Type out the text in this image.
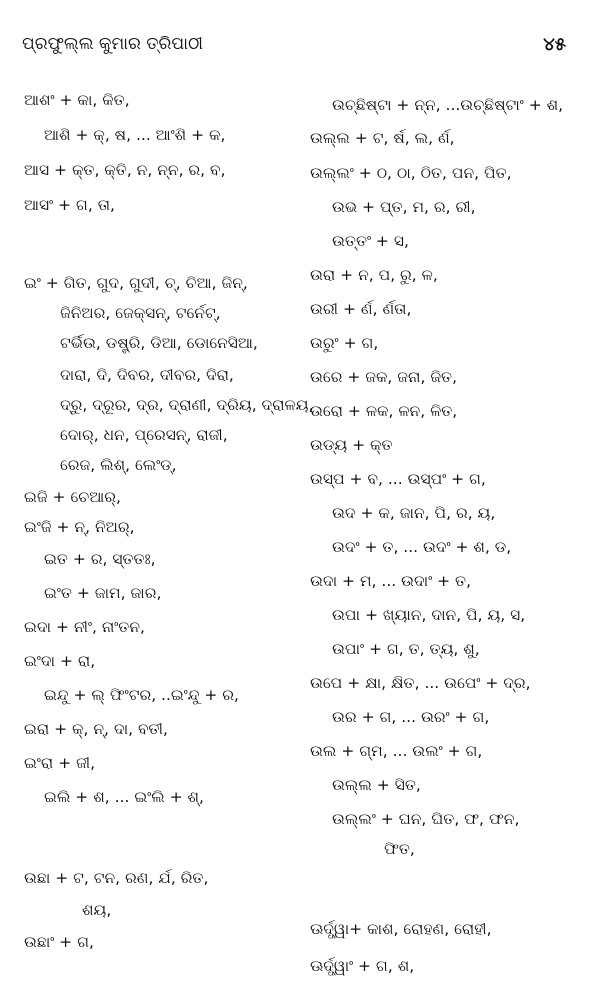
ପ୍ରଫୁଲ୍ଲ କୁମାର ତ୍ରିପାଠୀ	୪୫
ଆଶଂ + କା, କିତ,
ଆଶି + କ୍, ଷ, ... ଆଂଶି + କ,
ଆସ + କ୍ତ, କ୍ତି, ନ, ନ୍ନ, ର, ବ,
ଆସଂ + ଗ, ତା,
ଇଂ + ଗିତ, ଗୁଦ, ଗୁଦୀ, ଚ୍, ଚିଆ, ଜିନ୍,
ଜିନିଅର, ଜେକ୍ସନ୍, ଟର୍ନେଟ୍,
ଟର୍ଭିଉ, ଡଷ୍ଟ୍ରି, ଡିଆ, ଡୋନେସିଆ,
ଦାରା, ଦି, ଦିବର, ଦୀବର, ଦିରା,
ଦ୍ରୁ, ଦ୍ରୂର, ଦ୍ର, ଦ୍ରାଣୀ, ଦ୍ରିୟ, ଦ୍ରାଳୟ,
ଦୋର୍, ଧନ, ପ୍ରେସନ୍, ରାଜୀ,
ରେଜ, ଲିଶ୍, ଲେଂଡ୍,
ଇଜି + ଚେଆର୍,
ଇଂଜି + ନ୍, ନିଅର୍,
ଇତ + ର, ସ୍ତତଃ,
ଇଂତ + ଜାମ, ଜାର,
ଇଦା + ନୀଂ, ନାଂତନ,
ଇଂଦା + ରା,
ଇନ୍ଦୁ + ଲ୍ ଫିଂଟର, ..ଇଂନ୍ଦୁ + ର,
ଇରା + କ୍, ନ୍, ଦା, ବତୀ,
ଇଂରା + ଜୀ,
ଇଲି + ଶ, ... ଇଂଲି + ଶ୍,
ଉଛା + ଟ, ଟନ, ରଣ, ର୍ଯ, ରିତ,
ଶୟ,
ଉଛାଂ + ଗ,
ଉଚ୍ଛିଷ୍ଟା + ନ୍ନ, ...ଉଚ୍ଛିଷ୍ଟାଂ + ଶ,
ଉଲ୍ଲ + ଟ, ର୍ଷ, ଲ, ର୍ଣ,
ଉଲ୍ଲଂ + ଠ, ଠା, ଠିତ, ପନ, ପିତ,
ଉଭ + ପ୍ତ, ମ, ର, ରୀ,
ଉତ୍ତଂ + ସ,
ଉରା + ନ, ପ, ରୁ, ଳ,
ଉରୀ + ର୍ଣ, ର୍ଣତା,
ଉରୁଂ + ଗ,
ଉରେ + ଜକ, ଜନା, ଜିତ,
ଉରୋ + ଳକ, ଳନ, ଳିତ,
ଉଡ୍ୟ + କ୍ତ
ଉସ୍ପ + ବ, ... ଉସ୍ପଂ + ଗ,
ଉଦ + କ, ଜାନ, ପି, ର, ୟ,
ଉଦଂ + ତ, ... ଉଦଂ + ଶ, ଡ,
ଉଦା + ମ, ... ଉଦାଂ + ତ,
ଉପା + ଖ୍ୟାନ, ଦାନ, ପି, ୟ, ସ,
ଉପାଂ + ଗ, ତ, ତ୍ୟ, ଶୁ,
ଉପେ + କ୍ଷା, କ୍ଷିତ, ... ଉପେଂ + ଦ୍ର,
ଉର + ଗ, ... ଉରଂ + ଗ,
ଉଲ + ଗ୍ମ, ... ଉଲଂ + ଗ,
ଉଲ୍ଲ + ସିତ,
ଉଲ୍ଲଂ + ଘନ, ଘିତ, ଫ, ଫନ,
ଫିତ,
ଊର୍ଦ୍ଧ୍ୱା+ କାଶ, ରୋହଣ, ରୋହୀ,
ଊର୍ଦ୍ଧ୍ୱାଂ + ଗ, ଶ,
